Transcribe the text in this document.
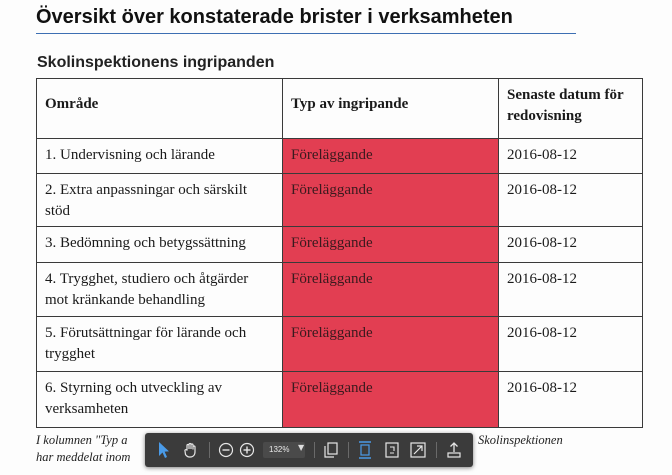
Översikt över konstaterade brister i verksamheten
Skolinspektionens ingripanden
Område	Typ av ingripande	Senaste datum för redovisning
1. Undervisning och lärande	Föreläggande	2016-08-12
2. Extra anpassningar och särskilt stöd	Föreläggande	2016-08-12
3. Bedömning och betygssättning	Föreläggande	2016-08-12
4. Trygghet, studiero och åtgärder mot kränkande behandling	Föreläggande	2016-08-12
5. Förutsättningar för lärande och trygghet	Föreläggande	2016-08-12
6. Styrning och utveckling av verksamheten	Föreläggande	2016-08-12
I kolumnen "Typ a	Skolinspektionen
har meddelat inom
132%	▼
